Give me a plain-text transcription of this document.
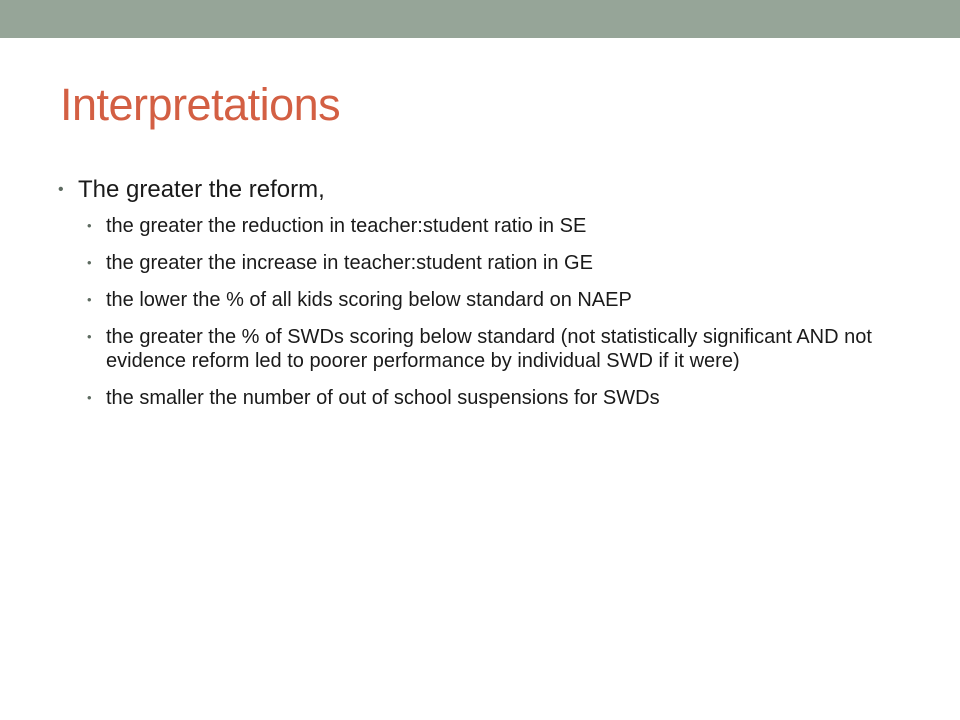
Interpretations
• The greater the reform,
• the greater the reduction in teacher:student ratio in SE
• the greater the increase in teacher:student ration in GE
• the lower the % of all kids scoring below standard on NAEP
• the greater the % of SWDs scoring below standard (not statistically significant AND not evidence reform led to poorer performance by individual SWD if it were)
• the smaller the number of out of school suspensions for SWDs
